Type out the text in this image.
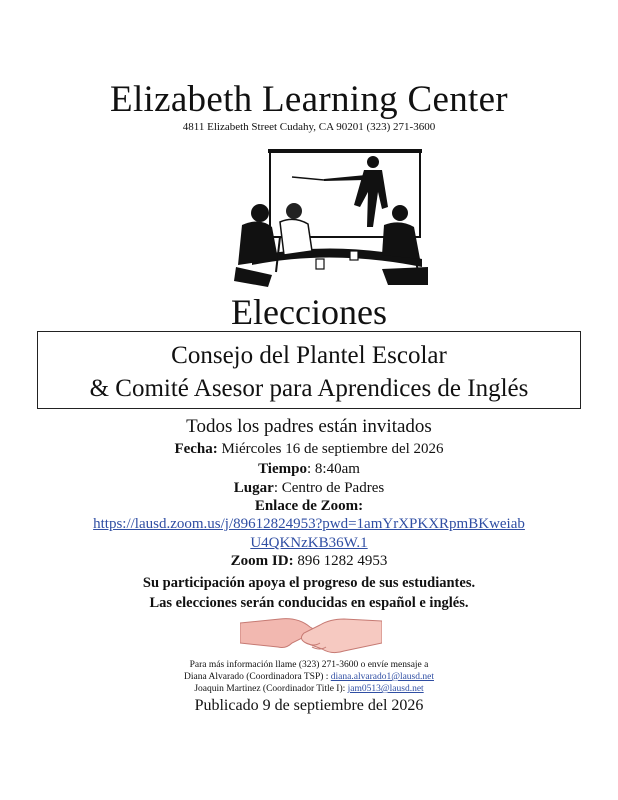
Elizabeth Learning Center
4811 Elizabeth Street Cudahy, CA 90201 (323) 271-3600
Elecciones
Consejo del Plantel Escolar
& Comité Asesor para Aprendices de Inglés
Todos los padres están invitados
Fecha: Miércoles 16 de septiembre del 2026
Tiempo: 8:40am
Lugar: Centro de Padres
Enlace de Zoom:
https://lausd.zoom.us/j/89612824953?pwd=1amYrXPKXRpmBKweiab
U4QKNzKB36W.1
Zoom ID: 896 1282 4953
Su participación apoya el progreso de sus estudiantes.
Las elecciones serán conducidas en español e inglés.
Para más información llame (323) 271-3600 o envíe mensaje a
Diana Alvarado (Coordinadora TSP) : diana.alvarado1@lausd.net
Joaquin Martinez (Coordinador Title I): jam0513@lausd.net
Publicado 9 de septiembre del 2026
